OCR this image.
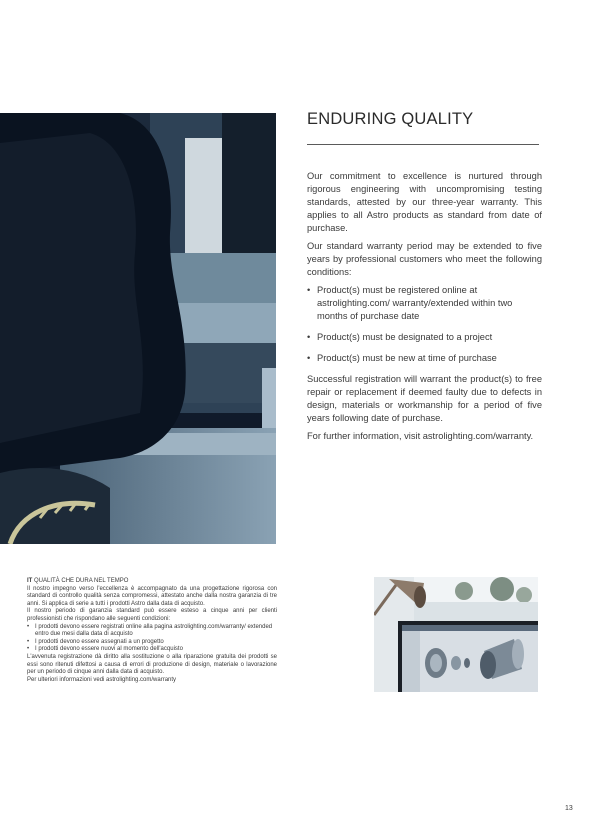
ENDURING QUALITY

Our commitment to excellence is nurtured through rigorous engineering with uncompromising testing standards, attested by our three-year warranty. This applies to all Astro products as standard from date of purchase.

Our standard warranty period may be extended to five years by professional customers who meet the following conditions:

• Product(s) must be registered online at astrolighting.com/ warranty/extended within two months of purchase date
• Product(s) must be designated to a project
• Product(s) must be new at time of purchase

Successful registration will warrant the product(s) to free repair or replacement if deemed faulty due to defects in design, materials or workmanship for a period of five years following date of purchase.

For further information, visit astrolighting.com/warranty.

IT QUALITÀ CHE DURA NEL TEMPO

Il nostro impegno verso l'eccellenza è accompagnato da una progettazione rigorosa con standard di controllo qualità senza compromessi, attestato anche dalla nostra garanzia di tre anni. Si applica di serie a tutti i prodotti Astro dalla data di acquisto.

Il nostro periodo di garanzia standard può essere esteso a cinque anni per clienti professionisti che rispondano alle seguenti condizioni:

• I prodotti devono essere registrati online alla pagina astrolighting.com/warranty/ extended entro due mesi dalla data di acquisto
• I prodotti devono essere assegnati a un progetto
• I prodotti devono essere nuovi al momento dell'acquisto

L'avvenuta registrazione dà diritto alla sostituzione o alla riparazione gratuita dei prodotti se essi sono ritenuti difettosi a causa di errori di produzione di design, materiale o lavorazione per un periodo di cinque anni dalla data di acquisto.

Per ulteriori informazioni vedi astrolighting.com/warranty

13
